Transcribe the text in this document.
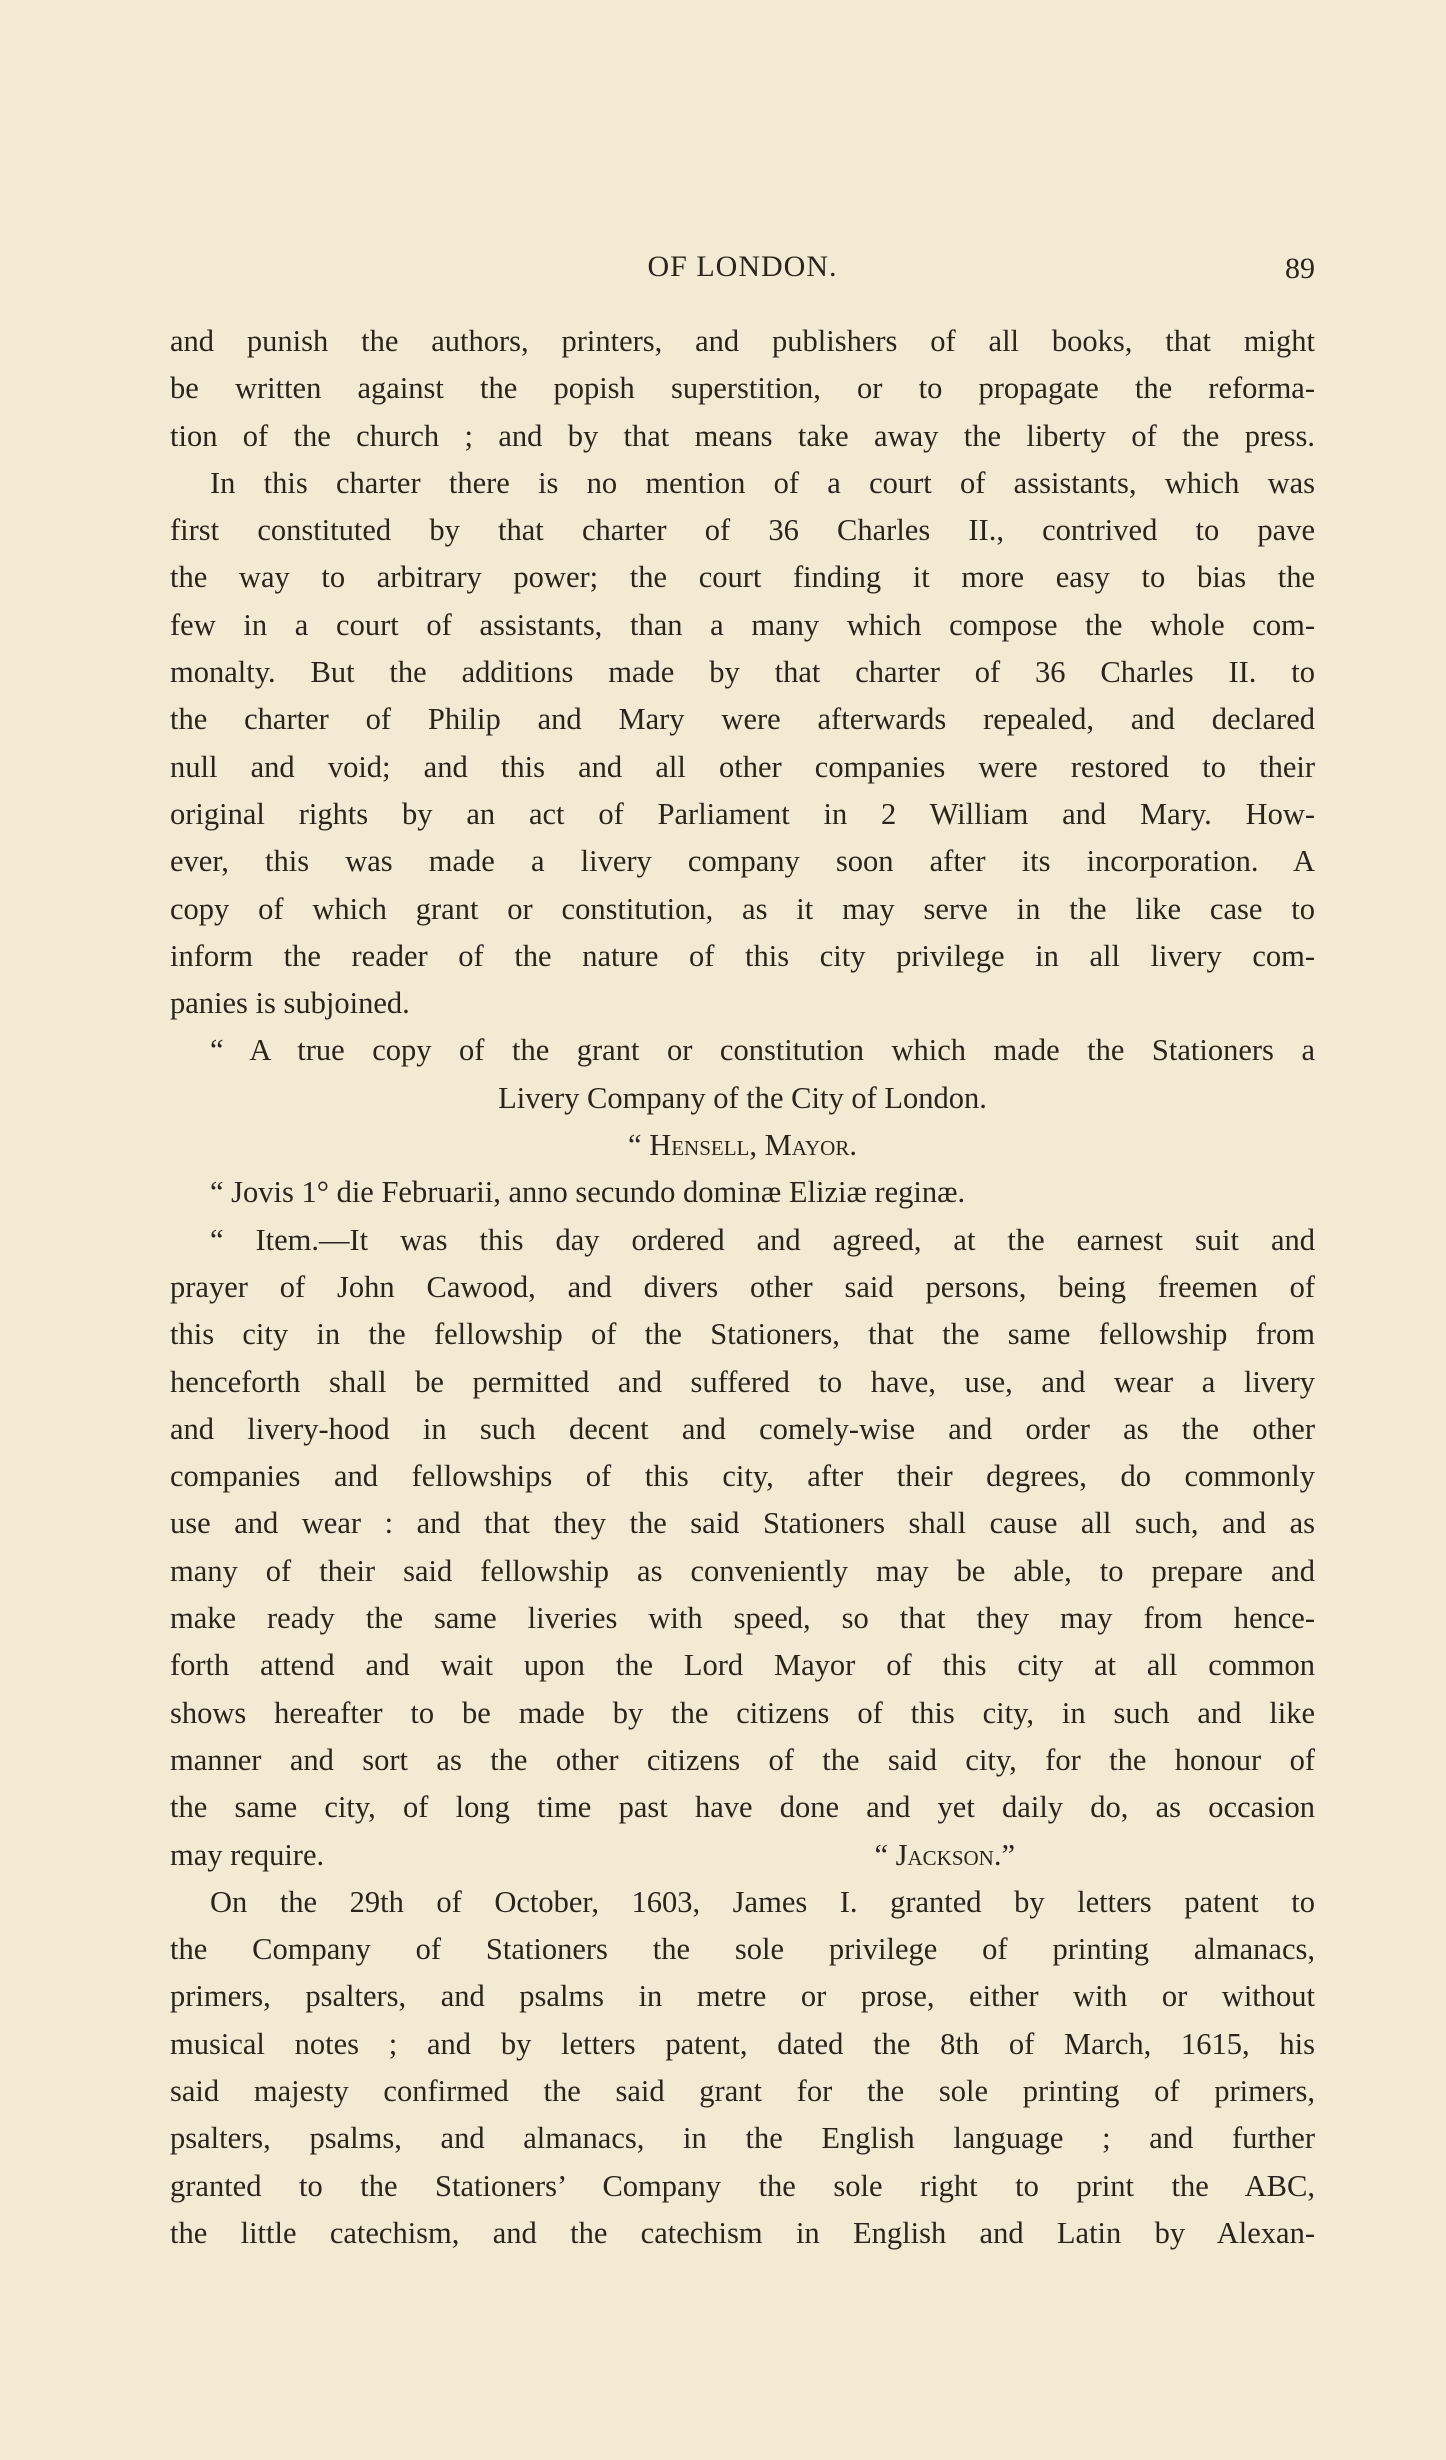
OF LONDON.	89
and punish the authors, printers, and publishers of all books, that might
be written against the popish superstition, or to propagate the reforma-
tion of the church ; and by that means take away the liberty of the press.
In this charter there is no mention of a court of assistants, which was
first constituted by that charter of 36 Charles II., contrived to pave
the way to arbitrary power; the court finding it more easy to bias the
few in a court of assistants, than a many which compose the whole com-
monalty. But the additions made by that charter of 36 Charles II. to
the charter of Philip and Mary were afterwards repealed, and declared
null and void; and this and all other companies were restored to their
original rights by an act of Parliament in 2 William and Mary. How-
ever, this was made a livery company soon after its incorporation. A
copy of which grant or constitution, as it may serve in the like case to
inform the reader of the nature of this city privilege in all livery com-
panies is subjoined.
“ A true copy of the grant or constitution which made the Stationers a
Livery Company of the City of London.
“ Hensell, Mayor.
“ Jovis 1° die Februarii, anno secundo dominæ Eliziæ reginæ.
“ Item.—It was this day ordered and agreed, at the earnest suit and
prayer of John Cawood, and divers other said persons, being freemen of
this city in the fellowship of the Stationers, that the same fellowship from
henceforth shall be permitted and suffered to have, use, and wear a livery
and livery-hood in such decent and comely-wise and order as the other
companies and fellowships of this city, after their degrees, do commonly
use and wear : and that they the said Stationers shall cause all such, and as
many of their said fellowship as conveniently may be able, to prepare and
make ready the same liveries with speed, so that they may from hence-
forth attend and wait upon the Lord Mayor of this city at all common
shows hereafter to be made by the citizens of this city, in such and like
manner and sort as the other citizens of the said city, for the honour of
the same city, of long time past have done and yet daily do, as occasion
may require.	“ Jackson.”
On the 29th of October, 1603, James I. granted by letters patent to
the Company of Stationers the sole privilege of printing almanacs,
primers, psalters, and psalms in metre or prose, either with or without
musical notes ; and by letters patent, dated the 8th of March, 1615, his
said majesty confirmed the said grant for the sole printing of primers,
psalters, psalms, and almanacs, in the English language ; and further
granted to the Stationers’ Company the sole right to print the ABC,
the little catechism, and the catechism in English and Latin by Alexan-
